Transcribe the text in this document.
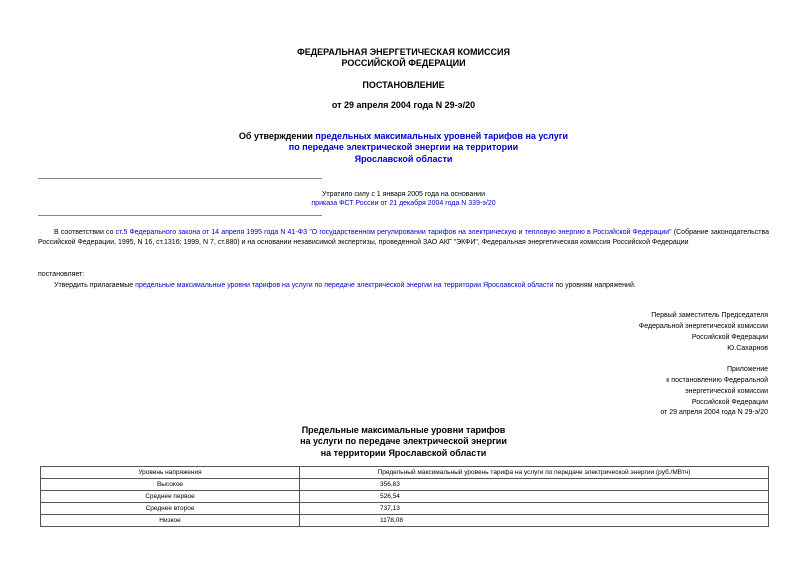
ФЕДЕРАЛЬНАЯ ЭНЕРГЕТИЧЕСКАЯ КОМИССИЯ
РОССИЙСКОЙ ФЕДЕРАЦИИ
ПОСТАНОВЛЕНИЕ
от 29 апреля 2004 года N 29-э/20
Об утверждении предельных максимальных уровней тарифов на услуги
по передаче электрической энергии на территории
Ярославской области
Утратило силу с 1 января 2005 года на основании
приказа ФСТ России от 21 декабря 2004 года N 339-э/20
В соответствии со ст.5 Федерального закона от 14 апреля 1995 года N 41-ФЗ "О государственном регулировании тарифов на электрическую и тепловую энергию в Российской Федерации" (Собрание законодательства Российской Федерации, 1995, N 16, ст.1316; 1999, N 7, ст.880) и на основании независимой экспертизы, проведенной ЗАО АКГ "ЭКФИ", Федеральная энергетическая комиссия Российской Федерации
постановляет:
Утвердить прилагаемые предельные максимальные уровни тарифов на услуги по передаче электрической энергии на территории Ярославской области по уровням напряжений.
Первый заместитель Председателя
Федеральной энергетической комиссии
Российской Федерации
Ю.Сахарнов
Приложение
к постановлению Федеральной
энергетической комиссии
Российской Федерации
от 29 апреля 2004 года N 29-э/20
Предельные максимальные уровни тарифов
на услуги по передаче электрической энергии
на территории Ярославской области
Уровень напряжения	Предельный максимальный уровень тарифа на услуги по передаче электрической энергии (руб./МВтч)
Высокое	356,83
Среднее первое	526,54
Среднее второе	737,13
Низкое	1178,08
